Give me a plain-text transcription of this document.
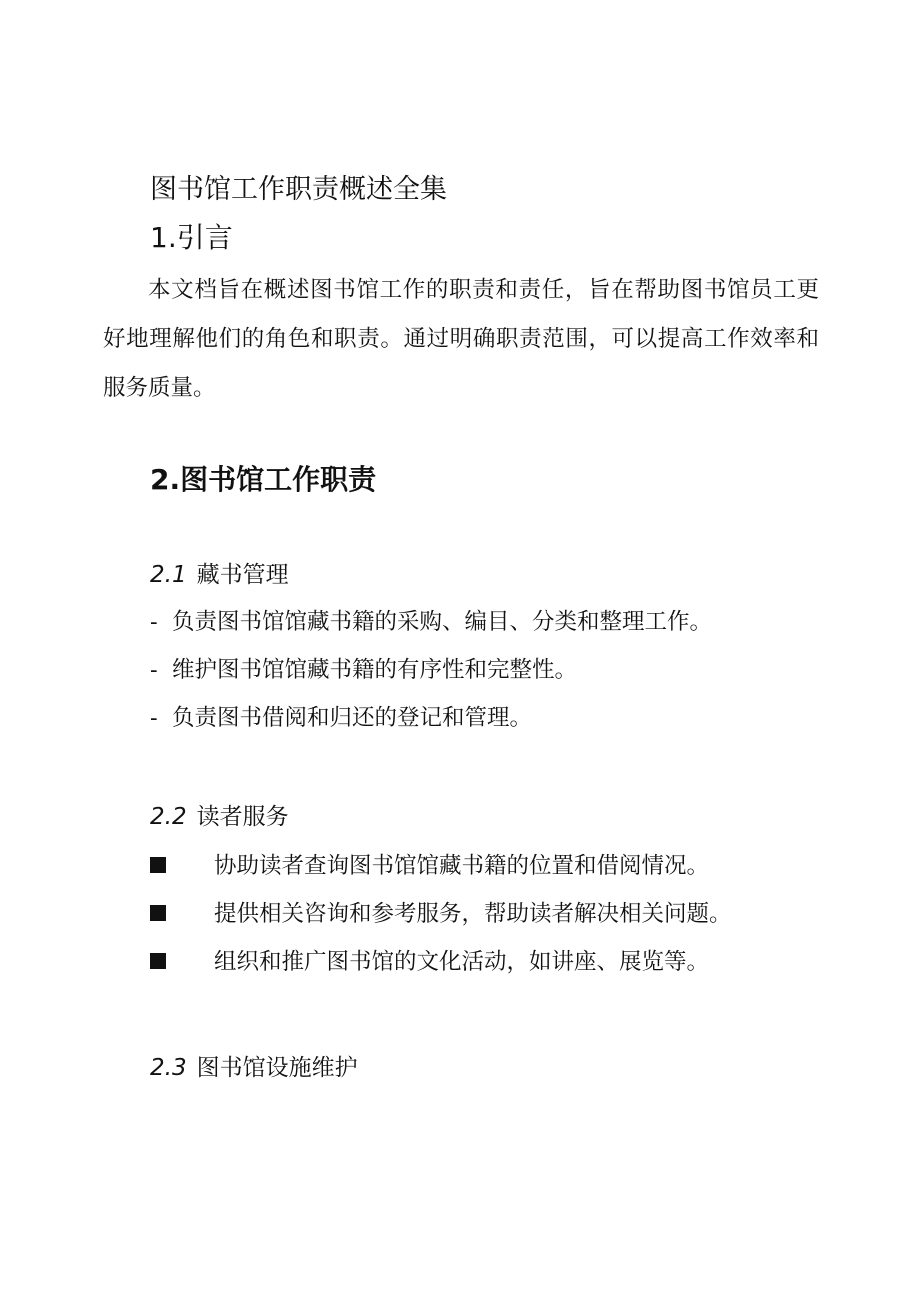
图书馆工作职责概述全集
1.引言

本文档旨在概述图书馆工作的职责和责任，旨在帮助图书馆员工更好地理解他们的角色和职责。通过明确职责范围，可以提高工作效率和服务质量。

2.图书馆工作职责
2.1 藏书管理
- 负责图书馆馆藏书籍的采购、编目、分类和整理工作。
- 维护图书馆馆藏书籍的有序性和完整性。
- 负责图书借阅和归还的登记和管理。
2.2 读者服务
协助读者查询图书馆馆藏书籍的位置和借阅情况。
提供相关咨询和参考服务，帮助读者解决相关问题。
组织和推广图书馆的文化活动，如讲座、展览等。
2.3 图书馆设施维护
